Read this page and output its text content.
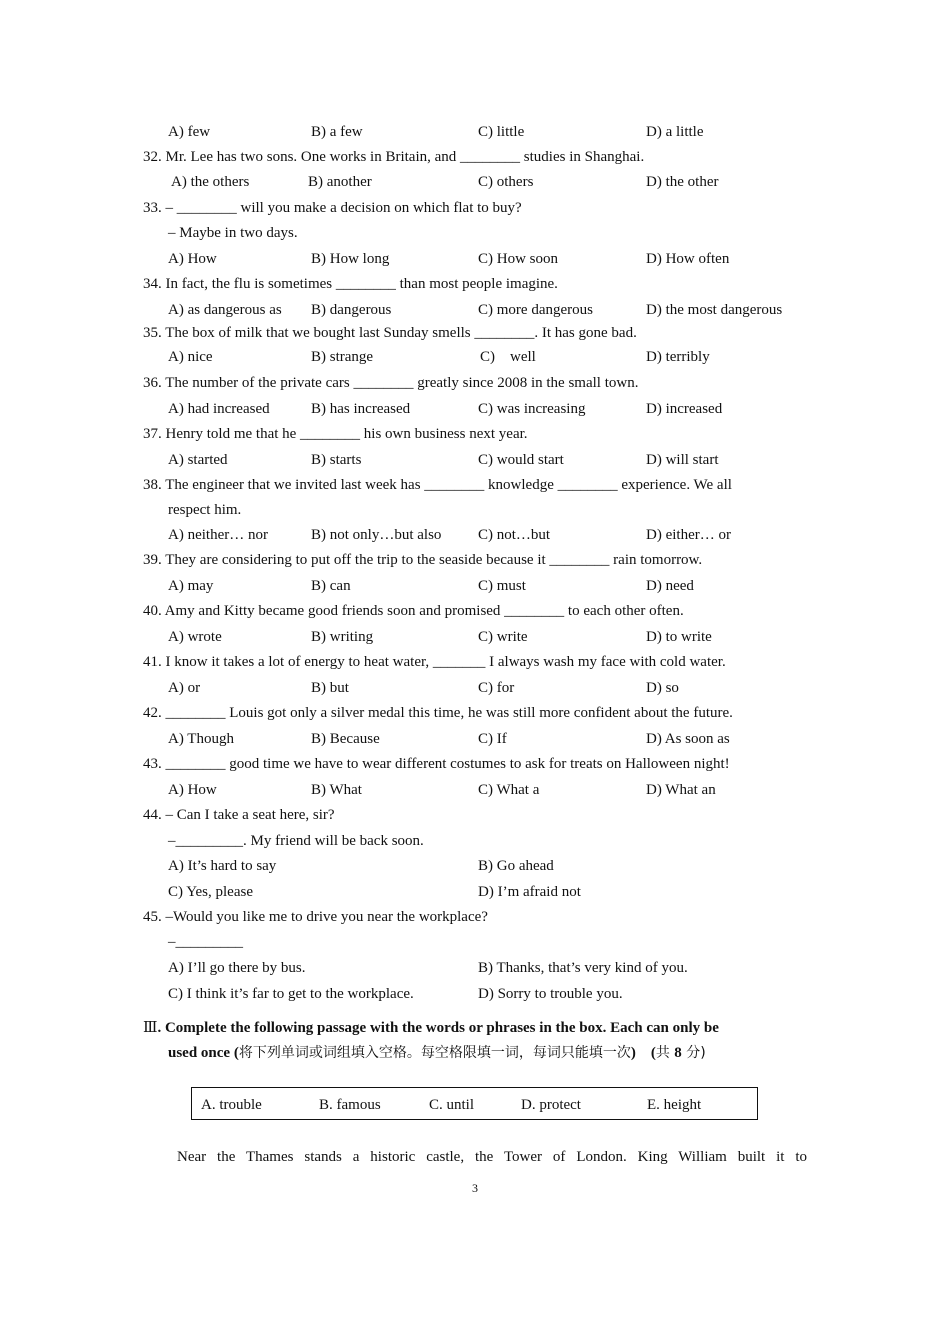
A) few	B) a few	C) little	D) a little
32. Mr. Lee has two sons. One works in Britain, and ________ studies in Shanghai.
A) the others	B) another	C) others	D) the other
33. – ________ will you make a decision on which flat to buy?
– Maybe in two days.
A) How	B) How long	C) How soon	D) How often
34. In fact, the flu is sometimes ________ than most people imagine.
A) as dangerous as B) dangerous	C) more dangerous	D) the most dangerous
35. The box of milk that we bought last Sunday smells ________. It has gone bad.
A) nice	B) strange	C)    well	D) terribly
36. The number of the private cars ________ greatly since 2008 in the small town.
A) had increased	B) has increased	C) was increasing	D) increased
37. Henry told me that he ________ his own business next year.
A) started	B) starts	C) would start	D) will start
38. The engineer that we invited last week has ________ knowledge ________ experience. We all
respect him.
A) neither… nor	B) not only…but also C) not…but	D) either… or
39. They are considering to put off the trip to the seaside because it ________ rain tomorrow.
A) may	B) can	C) must	D) need
40. Amy and Kitty became good friends soon and promised ________ to each other often.
A) wrote	B) writing	C) write	D) to write
41. I know it takes a lot of energy to heat water, _______ I always wash my face with cold water.
A) or	B) but	C) for	D) so
42. ________ Louis got only a silver medal this time, he was still more confident about the future.
A) Though	B) Because	C) If	D) As soon as
43. ________ good time we have to wear different costumes to ask for treats on Halloween night!
A) How	B) What	C) What a	D) What an
44. – Can I take a seat here, sir?
–_________. My friend will be back soon.
A) It’s hard to say	B) Go ahead
C) Yes, please	D) I’m afraid not
45. –Would you like me to drive you near the workplace?
–_________
A) I’ll go there by bus.	B) Thanks, that’s very kind of you.
C) I think it’s far to get to the workplace.	D) Sorry to trouble you.
Ⅲ. Complete the following passage with the words or phrases in the box. Each can only be
used once (将下列单词或词组填入空格。每空格限填一词，每词只能填一次)    (共 8 分)
A. trouble	B. famous	C. until	D. protect	E. height
Near the Thames stands a historic castle, the Tower of London. King William built it to
3
